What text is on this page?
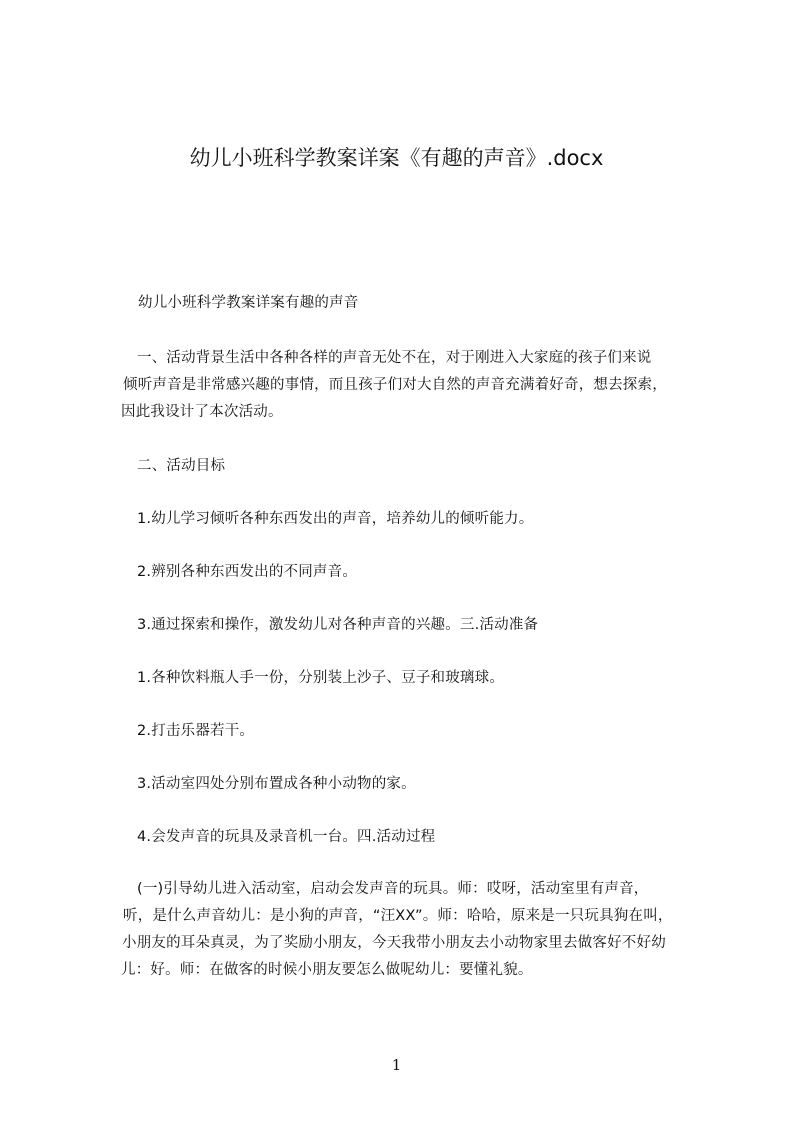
幼儿小班科学教案详案《有趣的声音》.docx
幼儿小班科学教案详案有趣的声音
一、活动背景生活中各种各样的声音无处不在，对于刚进入大家庭的孩子们来说
倾听声音是非常感兴趣的事情，而且孩子们对大自然的声音充满着好奇，想去探索，
因此我设计了本次活动。
二、活动目标
1.幼儿学习倾听各种东西发出的声音，培养幼儿的倾听能力。
2.辨别各种东西发出的不同声音。
3.通过探索和操作，激发幼儿对各种声音的兴趣。三.活动准备
1.各种饮料瓶人手一份，分别装上沙子、豆子和玻璃球。
2.打击乐器若干。
3.活动室四处分别布置成各种小动物的家。
4.会发声音的玩具及录音机一台。四.活动过程
(一)引导幼儿进入活动室，启动会发声音的玩具。师：哎呀，活动室里有声音，
听，是什么声音幼儿：是小狗的声音，“汪XX”。师：哈哈，原来是一只玩具狗在叫，
小朋友的耳朵真灵，为了奖励小朋友，今天我带小朋友去小动物家里去做客好不好幼
儿：好。师：在做客的时候小朋友要怎么做呢幼儿：要懂礼貌。
1
